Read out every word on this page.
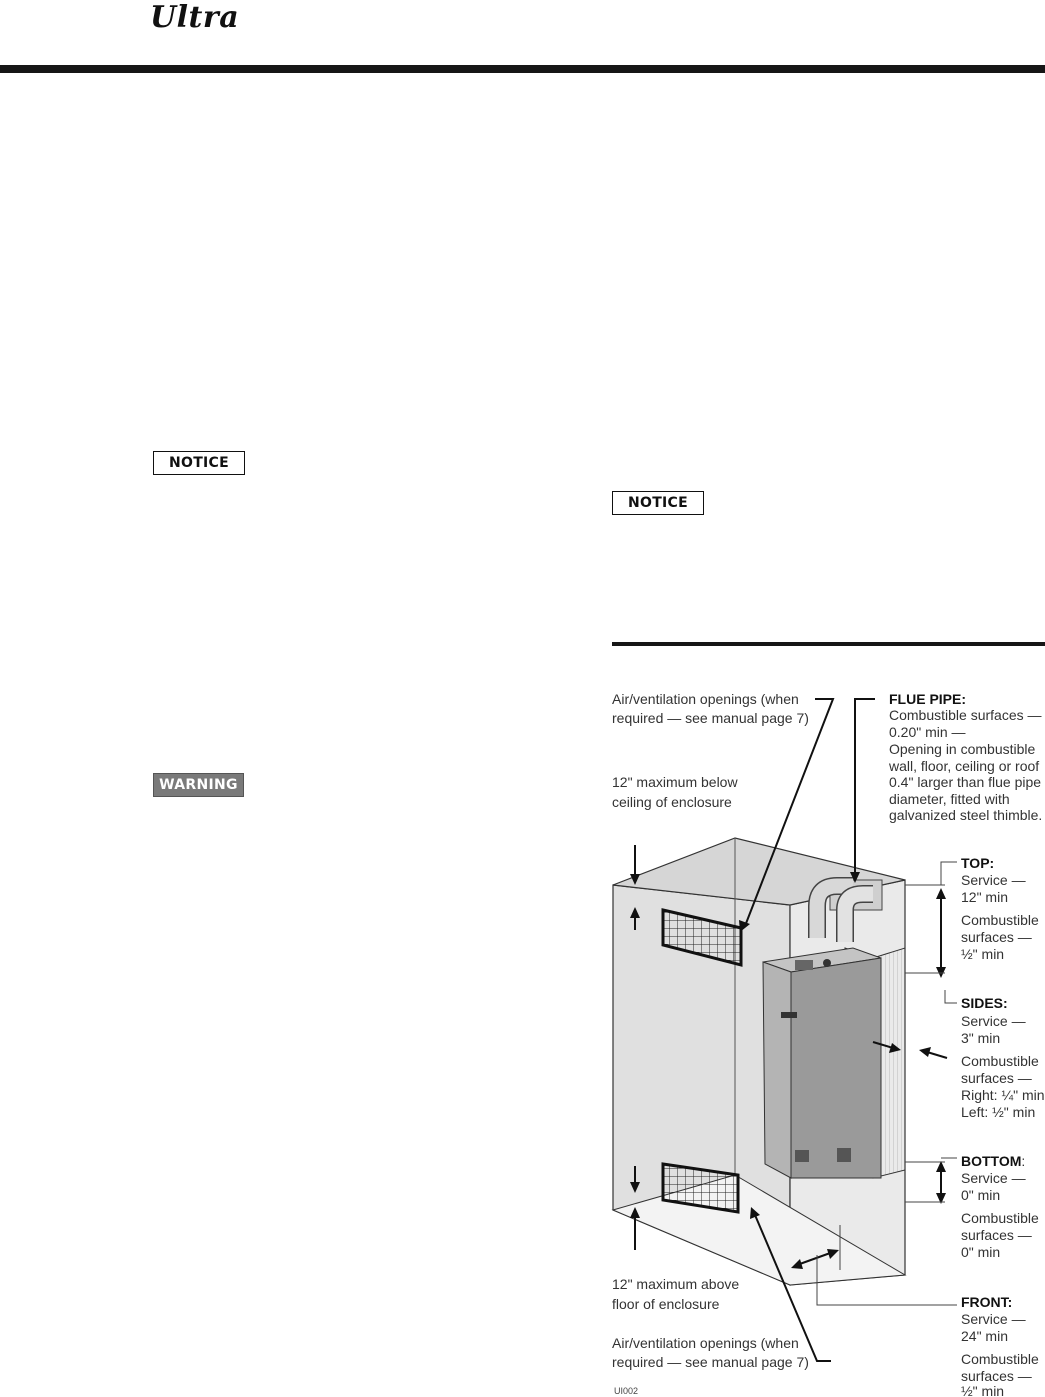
Ultra
NOTICE
WARNING
NOTICE
Air/ventilation openings (when
required — see manual page 7)
12" maximum below
ceiling of enclosure
FLUE PIPE:
Combustible surfaces —
0.20" min —
Opening in combustible
wall, floor, ceiling or roof
0.4" larger than flue pipe
diameter, fitted with
galvanized steel thimble.
TOP:
Service —
12" min
Combustible
surfaces —
½" min
SIDES:
Service —
3" min
Combustible
surfaces —
Right: ¼" min
Left: ½" min
BOTTOM:
Service —
0" min
Combustible
surfaces —
0" min
12" maximum above
floor of enclosure	FRONT:
Service —
24" min
Combustible
surfaces —
½" min
Air/ventilation openings (when
required — see manual page 7)
UI002
